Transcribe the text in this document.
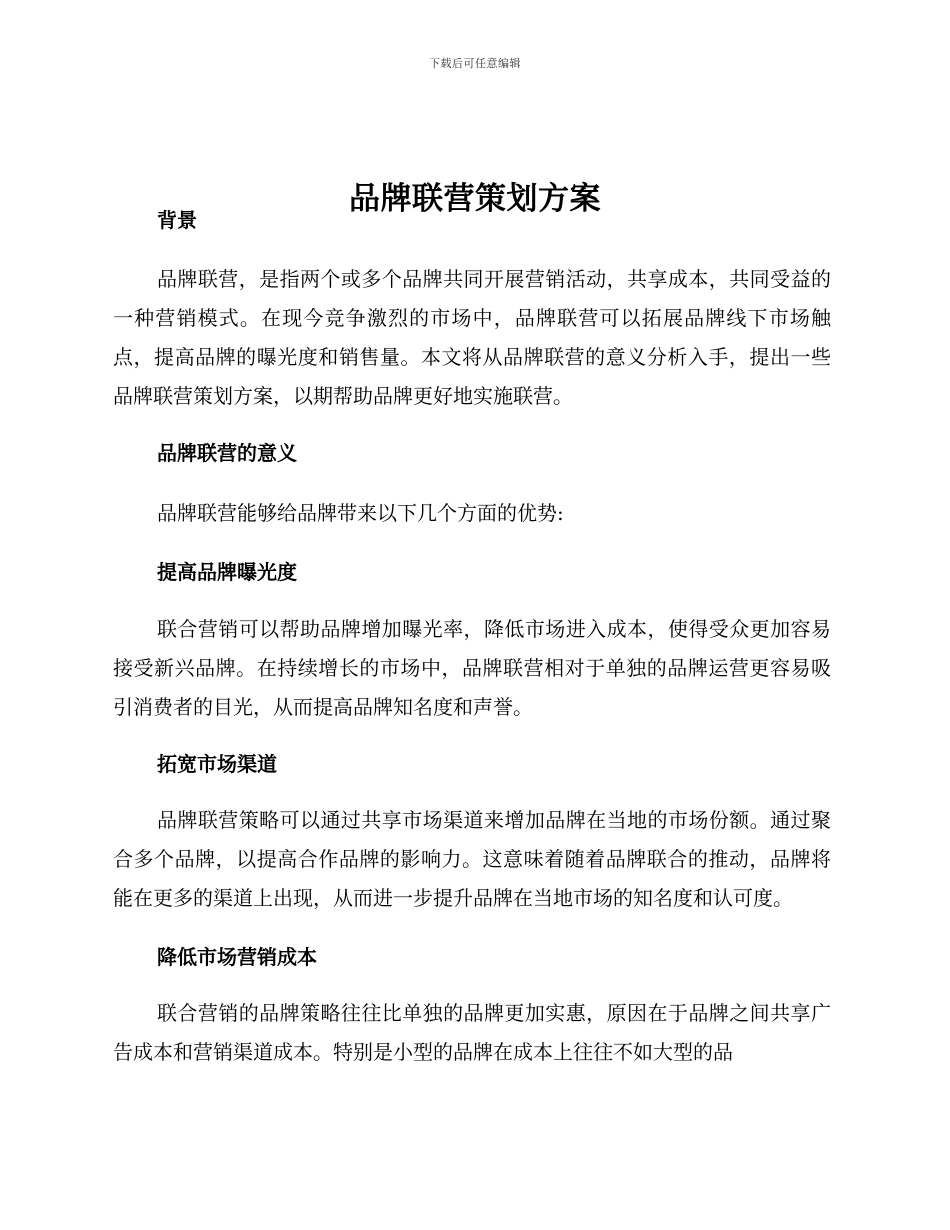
下载后可任意编辑
品牌联营策划方案
背景

品牌联营，是指两个或多个品牌共同开展营销活动，共享成本，共同受益的一种营销模式。在现今竞争激烈的市场中，品牌联营可以拓展品牌线下市场触点，提高品牌的曝光度和销售量。本文将从品牌联营的意义分析入手，提出一些品牌联营策划方案，以期帮助品牌更好地实施联营。

品牌联营的意义

品牌联营能够给品牌带来以下几个方面的优势:

提高品牌曝光度

联合营销可以帮助品牌增加曝光率，降低市场进入成本，使得受众更加容易接受新兴品牌。在持续增长的市场中，品牌联营相对于单独的品牌运营更容易吸引消费者的目光，从而提高品牌知名度和声誉。

拓宽市场渠道

品牌联营策略可以通过共享市场渠道来增加品牌在当地的市场份额。通过聚合多个品牌，以提高合作品牌的影响力。这意味着随着品牌联合的推动，品牌将能在更多的渠道上出现，从而进一步提升品牌在当地市场的知名度和认可度。

降低市场营销成本

联合营销的品牌策略往往比单独的品牌更加实惠，原因在于品牌之间共享广告成本和营销渠道成本。特别是小型的品牌在成本上往往不如大型的品
